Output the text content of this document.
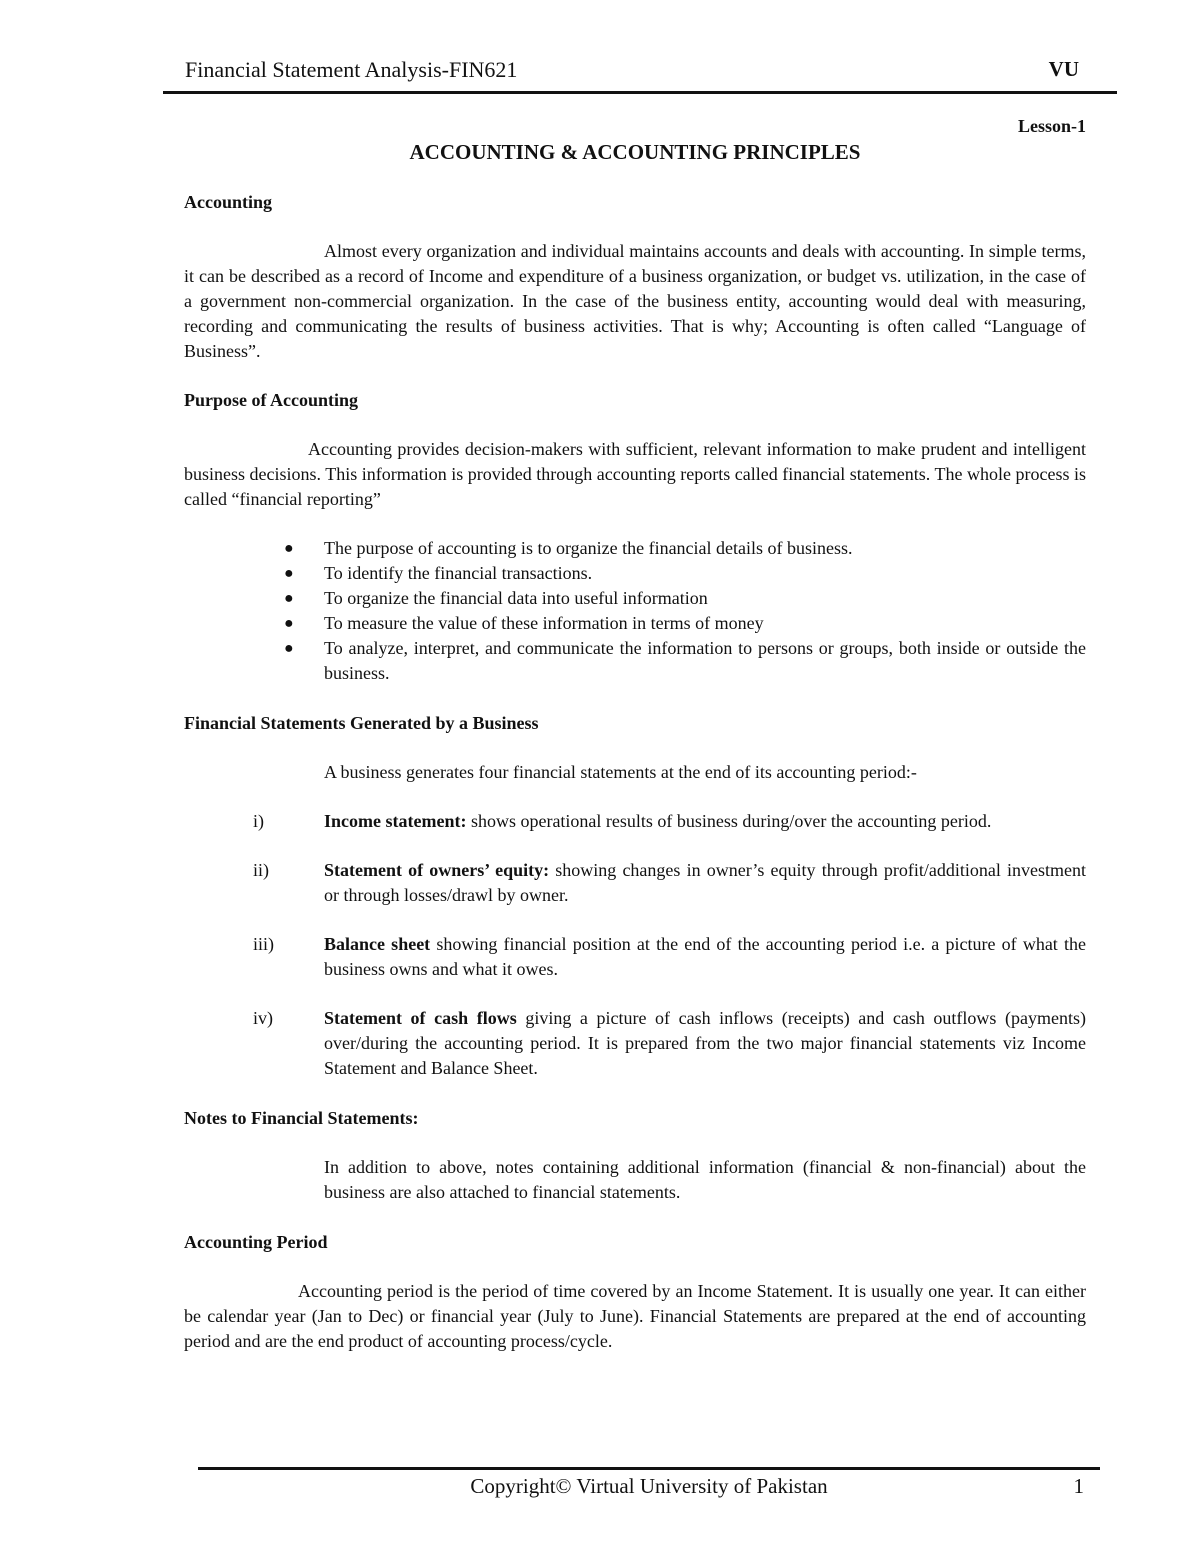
Financial Statement Analysis-FIN621	VU
Lesson-1
ACCOUNTING & ACCOUNTING PRINCIPLES
Accounting

Almost every organization and individual maintains accounts and deals with accounting. In simple terms, it can be described as a record of Income and expenditure of a business organization, or budget vs. utilization, in the case of a government non-commercial organization. In the case of the business entity, accounting would deal with measuring, recording and communicating the results of business activities. That is why; Accounting is often called “Language of Business”.

Purpose of Accounting

Accounting provides decision-makers with sufficient, relevant information to make prudent and intelligent business decisions. This information is provided through accounting reports called financial statements. The whole process is called “financial reporting”

● The purpose of accounting is to organize the financial details of business.
● To identify the financial transactions.
● To organize the financial data into useful information
● To measure the value of these information in terms of money
● To analyze, interpret, and communicate the information to persons or groups, both inside or outside the business.
Financial Statements Generated by a Business

A business generates four financial statements at the end of its accounting period:-

i)	Income statement: shows operational results of business during/over the accounting period.
ii)	Statement of owners’ equity: showing changes in owner’s equity through profit/additional investment or through losses/drawl by owner.
iii)	Balance sheet showing financial position at the end of the accounting period i.e. a picture of what the business owns and what it owes.
iv)	Statement of cash flows giving a picture of cash inflows (receipts) and cash outflows (payments) over/during the accounting period. It is prepared from the two major financial statements viz Income Statement and Balance Sheet.
Notes to Financial Statements:

In addition to above, notes containing additional information (financial & non-financial) about the business are also attached to financial statements.

Accounting Period

Accounting period is the period of time covered by an Income Statement. It is usually one year. It can either be calendar year (Jan to Dec) or financial year (July to June). Financial Statements are prepared at the end of accounting period and are the end product of accounting process/cycle.

Copyright© Virtual University of Pakistan	1
